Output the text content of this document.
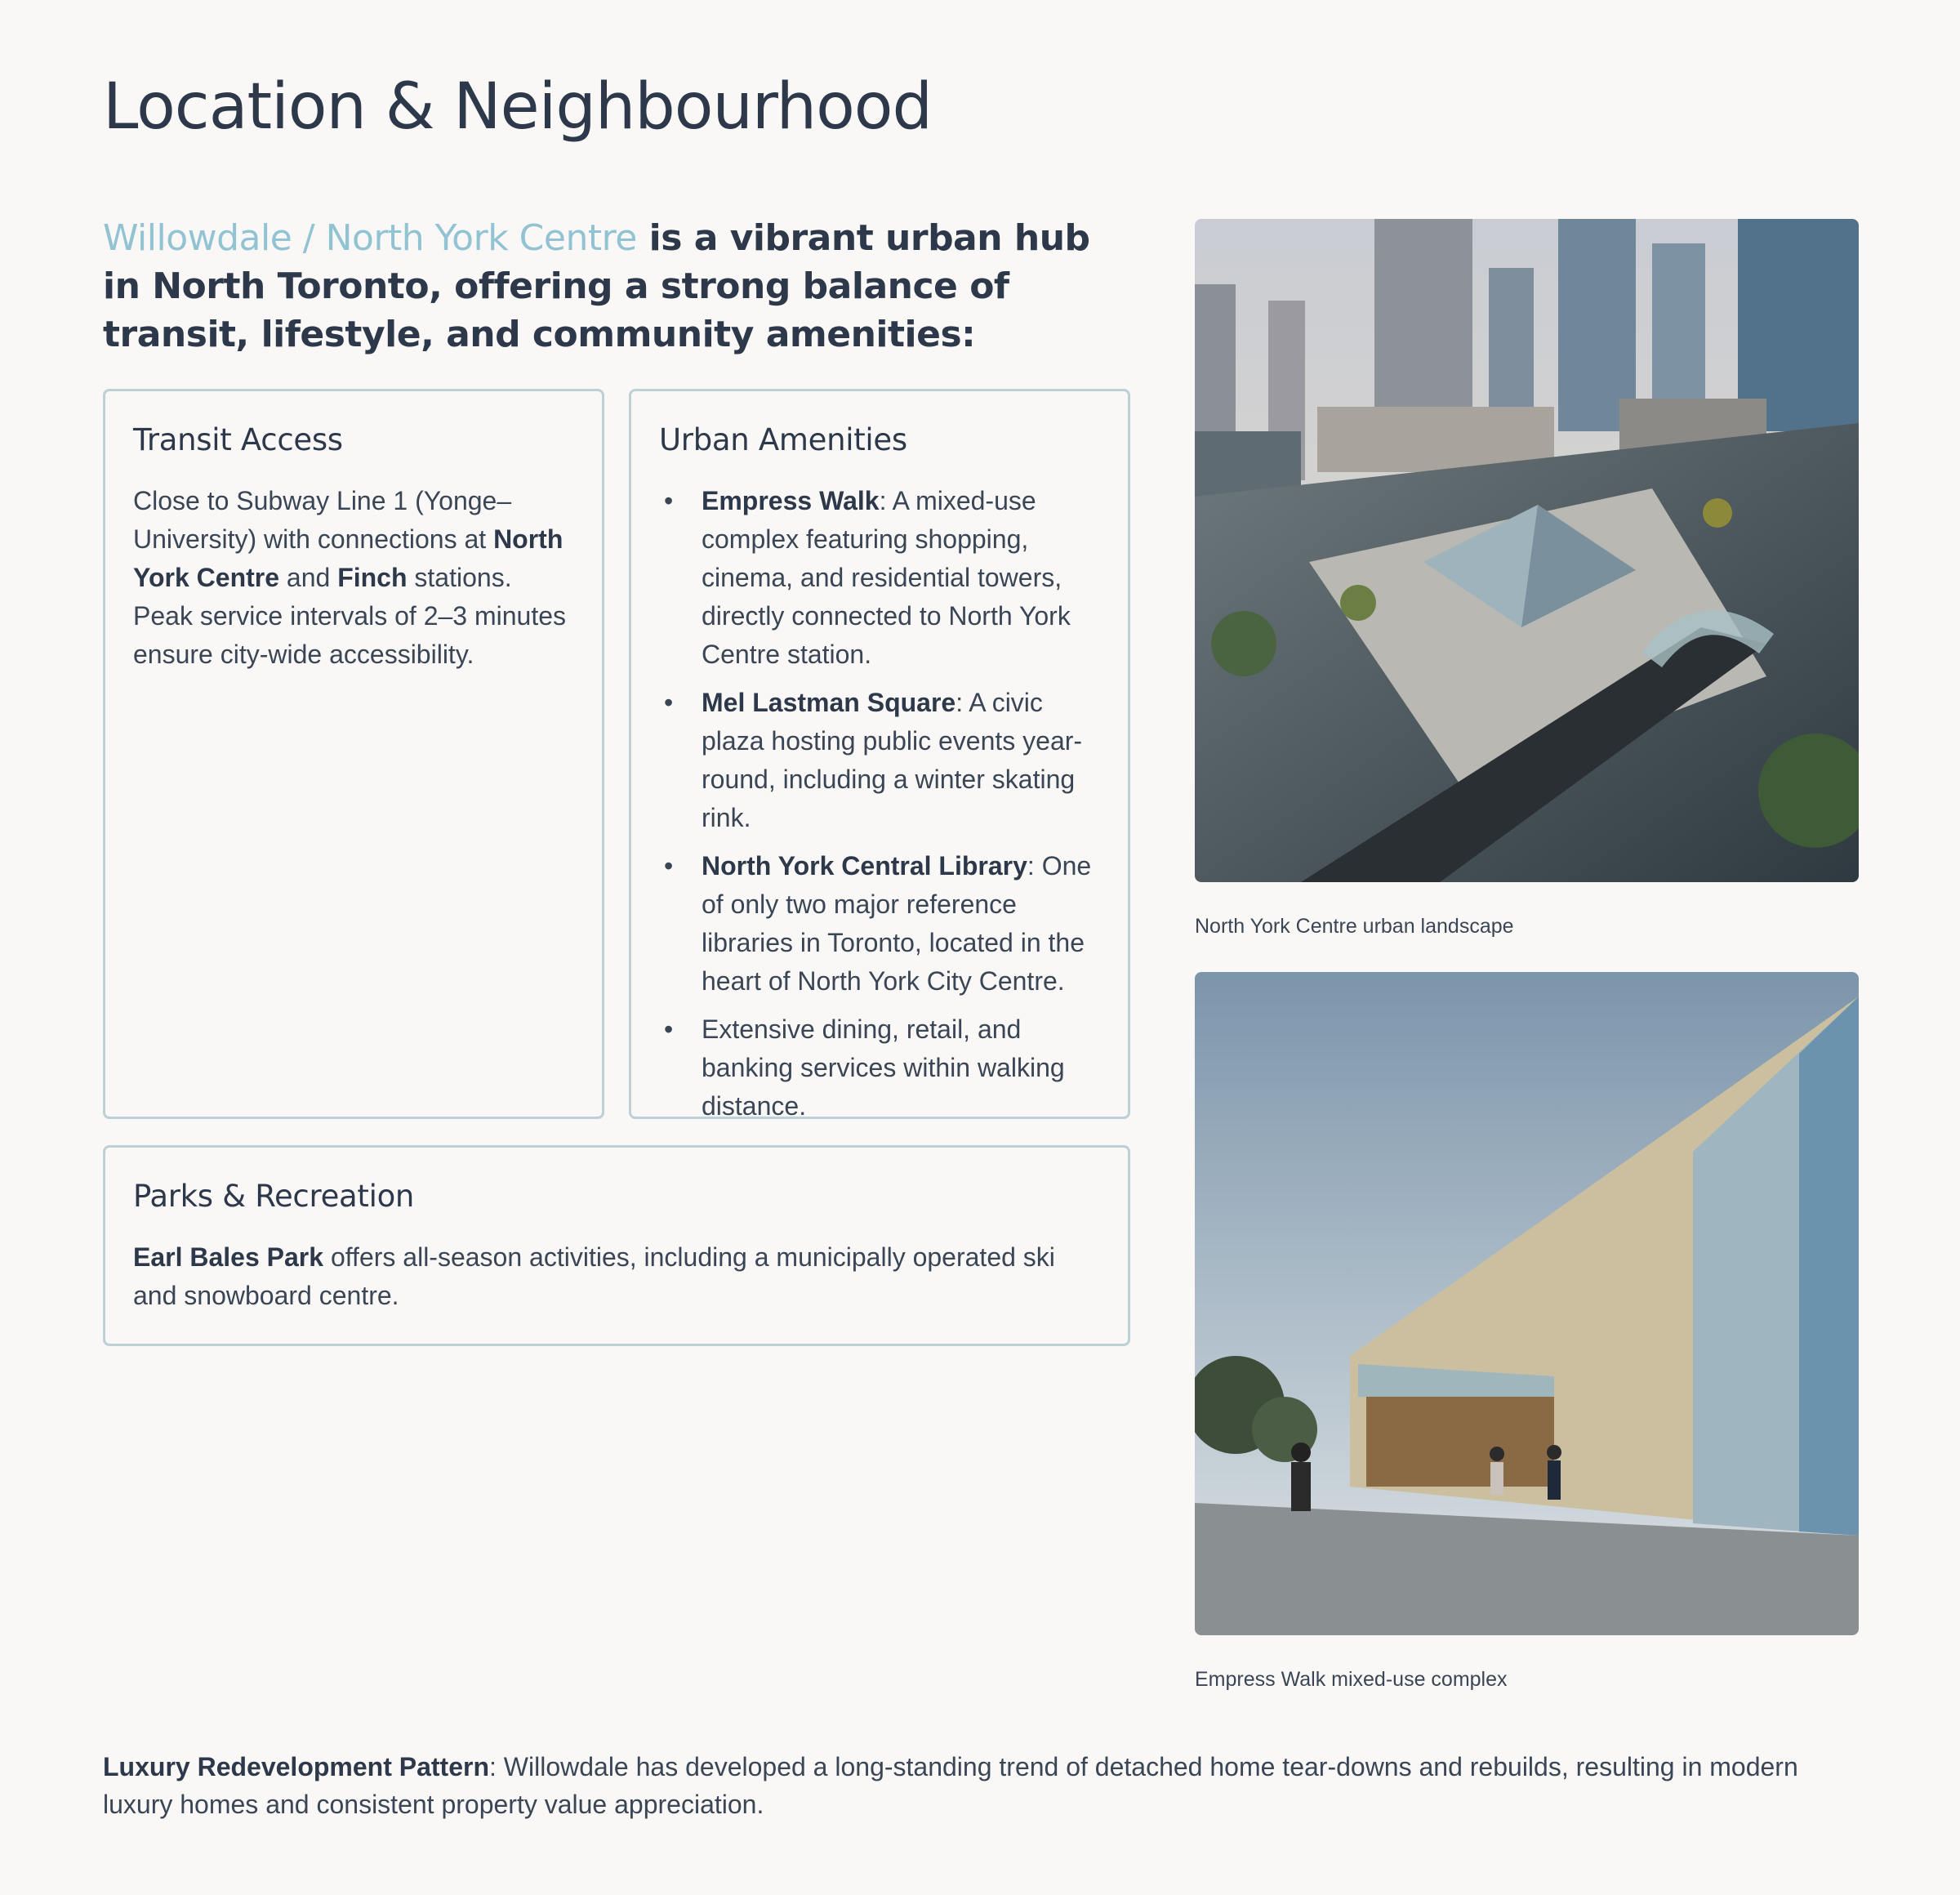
Location & Neighbourhood

Willowdale / North York Centre is a vibrant urban hub in North Toronto, offering a strong balance of transit, lifestyle, and community amenities:

Transit Access

Close to Subway Line 1 (Yonge–University) with connections at North York Centre and Finch stations. Peak service intervals of 2–3 minutes ensure city-wide accessibility.

Urban Amenities
• Empress Walk: A mixed-use complex featuring shopping, cinema, and residential towers, directly connected to North York Centre station.
• Mel Lastman Square: A civic plaza hosting public events year-round, including a winter skating rink.
• North York Central Library: One of only two major reference libraries in Toronto, located in the heart of North York City Centre.
• Extensive dining, retail, and banking services within walking distance.
Parks & Recreation

Earl Bales Park offers all-season activities, including a municipally operated ski and snowboard centre.

North York Centre urban landscape
Empress Walk mixed-use complex

Luxury Redevelopment Pattern: Willowdale has developed a long-standing trend of detached home tear-downs and rebuilds, resulting in modern luxury homes and consistent property value appreciation.
